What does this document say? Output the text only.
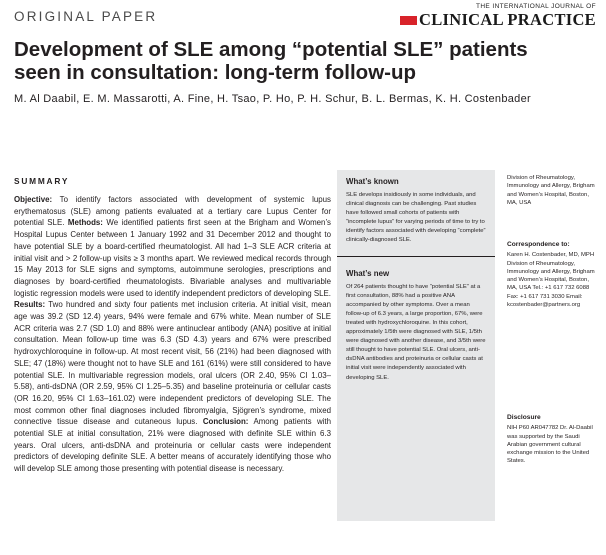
ORIGINAL PAPER
THE INTERNATIONAL JOURNAL OF
CLINICAL PRACTICE
Development of SLE among “potential SLE” patients seen in consultation: long-term follow-up
M. Al Daabil, E. M. Massarotti, A. Fine, H. Tsao, P. Ho, P. H. Schur, B. L. Bermas, K. H. Costenbader
SUMMARY
Objective: To identify factors associated with development of systemic lupus erythematosus (SLE) among patients evaluated at a tertiary care Lupus Center for potential SLE. Methods: We identified patients first seen at the Brigham and Women’s Hospital Lupus Center between 1 January 1992 and 31 December 2012 and thought to have potential SLE by a board-certified rheumatologist. All had 1–3 SLE ACR criteria at initial visit and > 2 follow-up visits ≥ 3 months apart. We reviewed medical records through 15 May 2013 for SLE signs and symptoms, autoimmune serologies, prescriptions and diagnoses by board-certified rheumatologists. Bivariable analyses and multivariable logistic regression models were used to identify independent predictors of developing SLE. Results: Two hundred and sixty four patients met inclusion criteria. At initial visit, mean age was 39.2 (SD 12.4) years, 94% were female and 67% white. Mean number of SLE ACR criteria was 2.7 (SD 1.0) and 88% were antinuclear antibody (ANA) positive at initial consultation. Mean follow-up time was 6.3 (SD 4.3) years and 67% were prescribed hydroxychloroquine in follow-up. At most recent visit, 56 (21%) had been diagnosed with SLE; 47 (18%) were thought not to have SLE and 161 (61%) were still considered to have potential SLE. In multivariable regression models, oral ulcers (OR 2.40, 95% CI 1.03–5.58), anti-dsDNA (OR 2.59, 95% CI 1.25–5.35) and baseline proteinuria or cellular casts (OR 16.20, 95% CI 1.63–161.02) were independent predictors of developing SLE. The most common other final diagnoses included fibromyalgia, Sjögren’s syndrome, mixed connective tissue disease and cutaneous lupus. Conclusion: Among patients with potential SLE at initial consultation, 21% were diagnosed with definite SLE within 6.3 years. Oral ulcers, anti-dsDNA and proteinuria or cellular casts were independent predictors of developing definite SLE. A better means of accurately identifying those who will develop SLE among those presenting with potential disease is necessary.
What’s known
SLE develops insidiously in some individuals, and clinical diagnosis can be challenging. Past studies have followed small cohorts of patients with “incomplete lupus” for varying periods of time to try to identify factors associated with developing “complete” clinically-diagnosed SLE.
What’s new
Of 264 patients thought to have “potential SLE” at a first consultation, 88% had a positive ANA accompanied by other symptoms. Over a mean follow-up of 6.3 years, a large proportion, 67%, were treated with hydroxychloroquine. In this cohort, approximately 1/5th were diagnosed with SLE, 1/5th were diagnosed with another disease, and 3/5th were still thought to have potential SLE. Oral ulcers, anti-dsDNA antibodies and proteinuria or cellular casts at initial visit were independently associated with developing SLE.
Division of Rheumatology, Immunology and Allergy, Brigham and Women’s Hospital, Boston, MA, USA
Correspondence to:
Karen H. Costenbader, MD, MPH Division of Rheumatology, Immunology and Allergy, Brigham and Women’s Hospital, Boston, MA, USA Tel.: +1 617 732 6088 Fax: +1 617 731 3030 Email: kcostenbader@partners.org
Disclosure
NIH P60 AR047782 Dr. Al-Daabil was supported by the Saudi Arabian government cultural exchange mission to the United States.
